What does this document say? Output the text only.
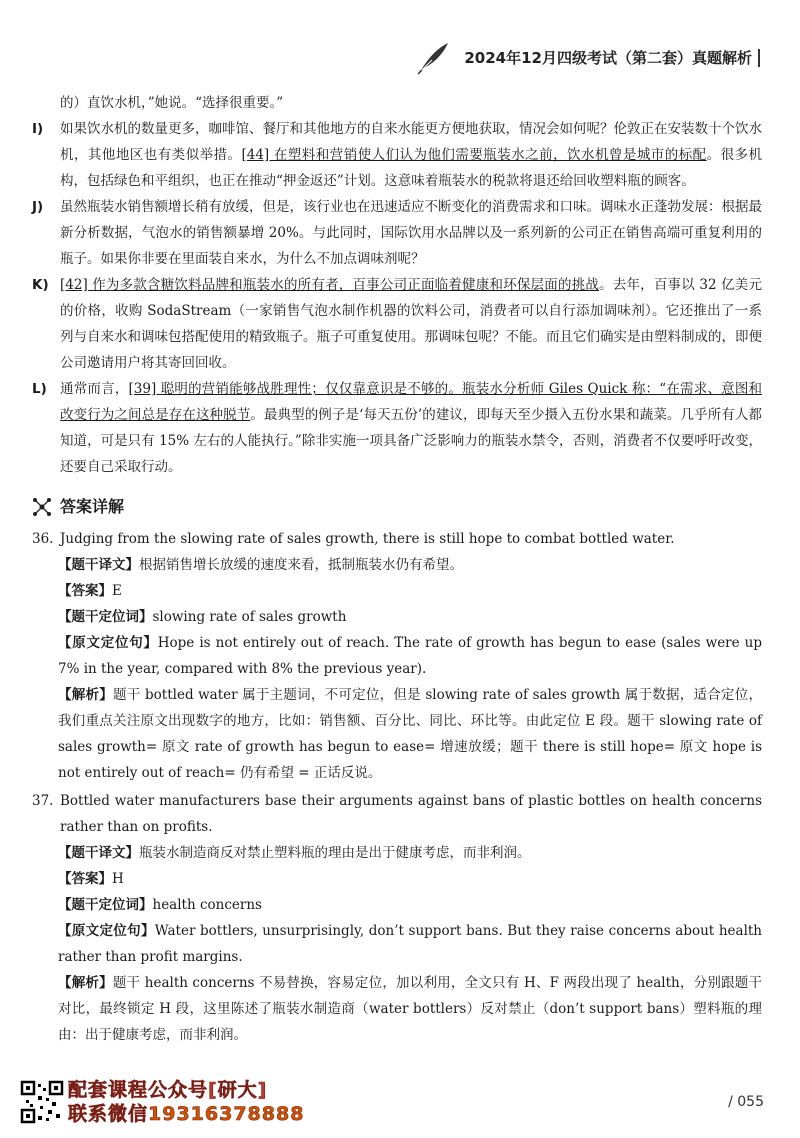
2024年12月四级考试（第二套）真题解析
的）直饮水机，”她说。“选择很重要。”
I)	如果饮水机的数量更多，咖啡馆、餐厅和其他地方的自来水能更方便地获取，情况会如何呢？伦敦正在安装数十个饮水机，其他地区也有类似举措。[44] 在塑料和营销使人们认为他们需要瓶装水之前，饮水机曾是城市的标配。很多机构，包括绿色和平组织，也正在推动“押金返还”计划。这意味着瓶装水的税款将退还给回收塑料瓶的顾客。
J)	虽然瓶装水销售额增长稍有放缓，但是，该行业也在迅速适应不断变化的消费需求和口味。调味水正蓬勃发展：根据最新分析数据，气泡水的销售额暴增 20%。与此同时，国际饮用水品牌以及一系列新的公司正在销售高端可重复利用的瓶子。如果你非要在里面装自来水，为什么不加点调味剂呢？
K) [42] 作为多款含糖饮料品牌和瓶装水的所有者，百事公司正面临着健康和环保层面的挑战。去年，百事以 32 亿美元的价格，收购 SodaStream（一家销售气泡水制作机器的饮料公司，消费者可以自行添加调味剂）。它还推出了一系列与自来水和调味包搭配使用的精致瓶子。瓶子可重复使用。那调味包呢？不能。而且它们确实是由塑料制成的，即便公司邀请用户将其寄回回收。
L) 通常而言，[39] 聪明的营销能够战胜理性；仅仅靠意识是不够的。瓶装水分析师 Giles Quick 称：“在需求、意图和改变行为之间总是存在这种脱节。最典型的例子是‘每天五份’的建议，即每天至少摄入五份水果和蔬菜。几乎所有人都知道，可是只有 15% 左右的人能执行。”除非实施一项具备广泛影响力的瓶装水禁令，否则，消费者不仅要呼吁改变，还要自己采取行动。
答案详解
36. Judging from the slowing rate of sales growth, there is still hope to combat bottled water.
【题干译文】根据销售增长放缓的速度来看，抵制瓶装水仍有希望。
【答案】E
【题干定位词】slowing rate of sales growth
【原文定位句】Hope is not entirely out of reach. The rate of growth has begun to ease (sales were up 7% in the year, compared with 8% the previous year).
【解析】题干 bottled water 属于主题词，不可定位，但是 slowing rate of sales growth 属于数据，适合定位，我们重点关注原文出现数字的地方，比如：销售额、百分比、同比、环比等。由此定位 E 段。题干 slowing rate of sales growth= 原文 rate of growth has begun to ease= 增速放缓；题干 there is still hope= 原文 hope is not entirely out of reach= 仍有希望 = 正话反说。
37. Bottled water manufacturers base their arguments against bans of plastic bottles on health concerns rather than on profits.
【题干译文】瓶装水制造商反对禁止塑料瓶的理由是出于健康考虑，而非利润。
【答案】H
【题干定位词】health concerns
【原文定位句】Water bottlers, unsurprisingly, don’t support bans. But they raise concerns about health rather than profit margins.
【解析】题干 health concerns 不易替换，容易定位，加以利用，全文只有 H、F 两段出现了 health，分别跟题干对比，最终锁定 H 段，这里陈述了瓶装水制造商（water bottlers）反对禁止（don’t support bans）塑料瓶的理由：出于健康考虑，而非利润。
配套课程公众号[研大]
联系微信19316378888
/ 055
